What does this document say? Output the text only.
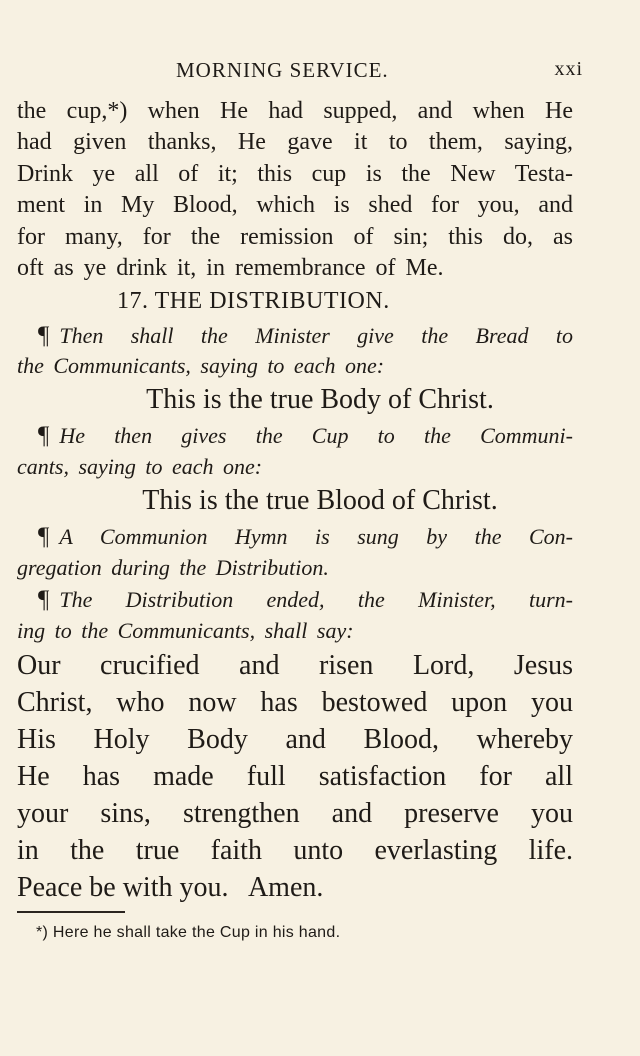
MORNING SERVICE.	xxi
the cup,*) when He had supped, and when He
had given thanks, He gave it to them, saying,
Drink ye all of it; this cup is the New Testa-
ment in My Blood, which is shed for you, and
for many, for the remission of sin; this do, as
oft as ye drink it, in remembrance of Me.
17. THE DISTRIBUTION.
¶ Then shall the Minister give the Bread to
the Communicants, saying to each one:
This is the true Body of Christ.
¶ He then gives the Cup to the Communi-
cants, saying to each one:
This is the true Blood of Christ.
¶ A Communion Hymn is sung by the Con-
gregation during the Distribution.
¶ The Distribution ended, the Minister, turn-
ing to the Communicants, shall say:
Our crucified and risen Lord, Jesus
Christ, who now has bestowed upon you
His Holy Body and Blood, whereby
He has made full satisfaction for all
your sins, strengthen and preserve you
in the true faith unto everlasting life.
Peace be with you.   Amen.
*) Here he shall take the Cup in his hand.
